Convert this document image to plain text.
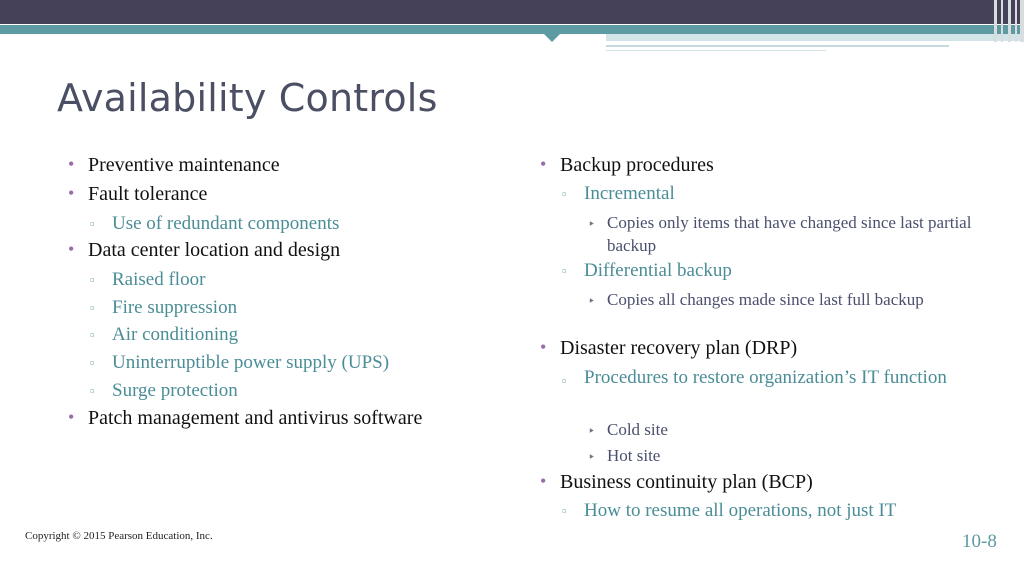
Availability Controls
• Preventive maintenance
• Fault tolerance
▫ Use of redundant components
• Data center location and design
▫ Raised floor
▫ Fire suppression
▫ Air conditioning
▫ Uninterruptible power supply (UPS)
▫ Surge protection
• Patch management and antivirus software
• Backup procedures
▫ Incremental
‣ Copies only items that have changed since last partial backup
▫ Differential backup
‣ Copies all changes made since last full backup
• Disaster recovery plan (DRP)
▫ Procedures to restore organization’s IT function
‣ Cold site
‣ Hot site
• Business continuity plan (BCP)
▫ How to resume all operations, not just IT
Copyright © 2015 Pearson Education, Inc.	10-8
